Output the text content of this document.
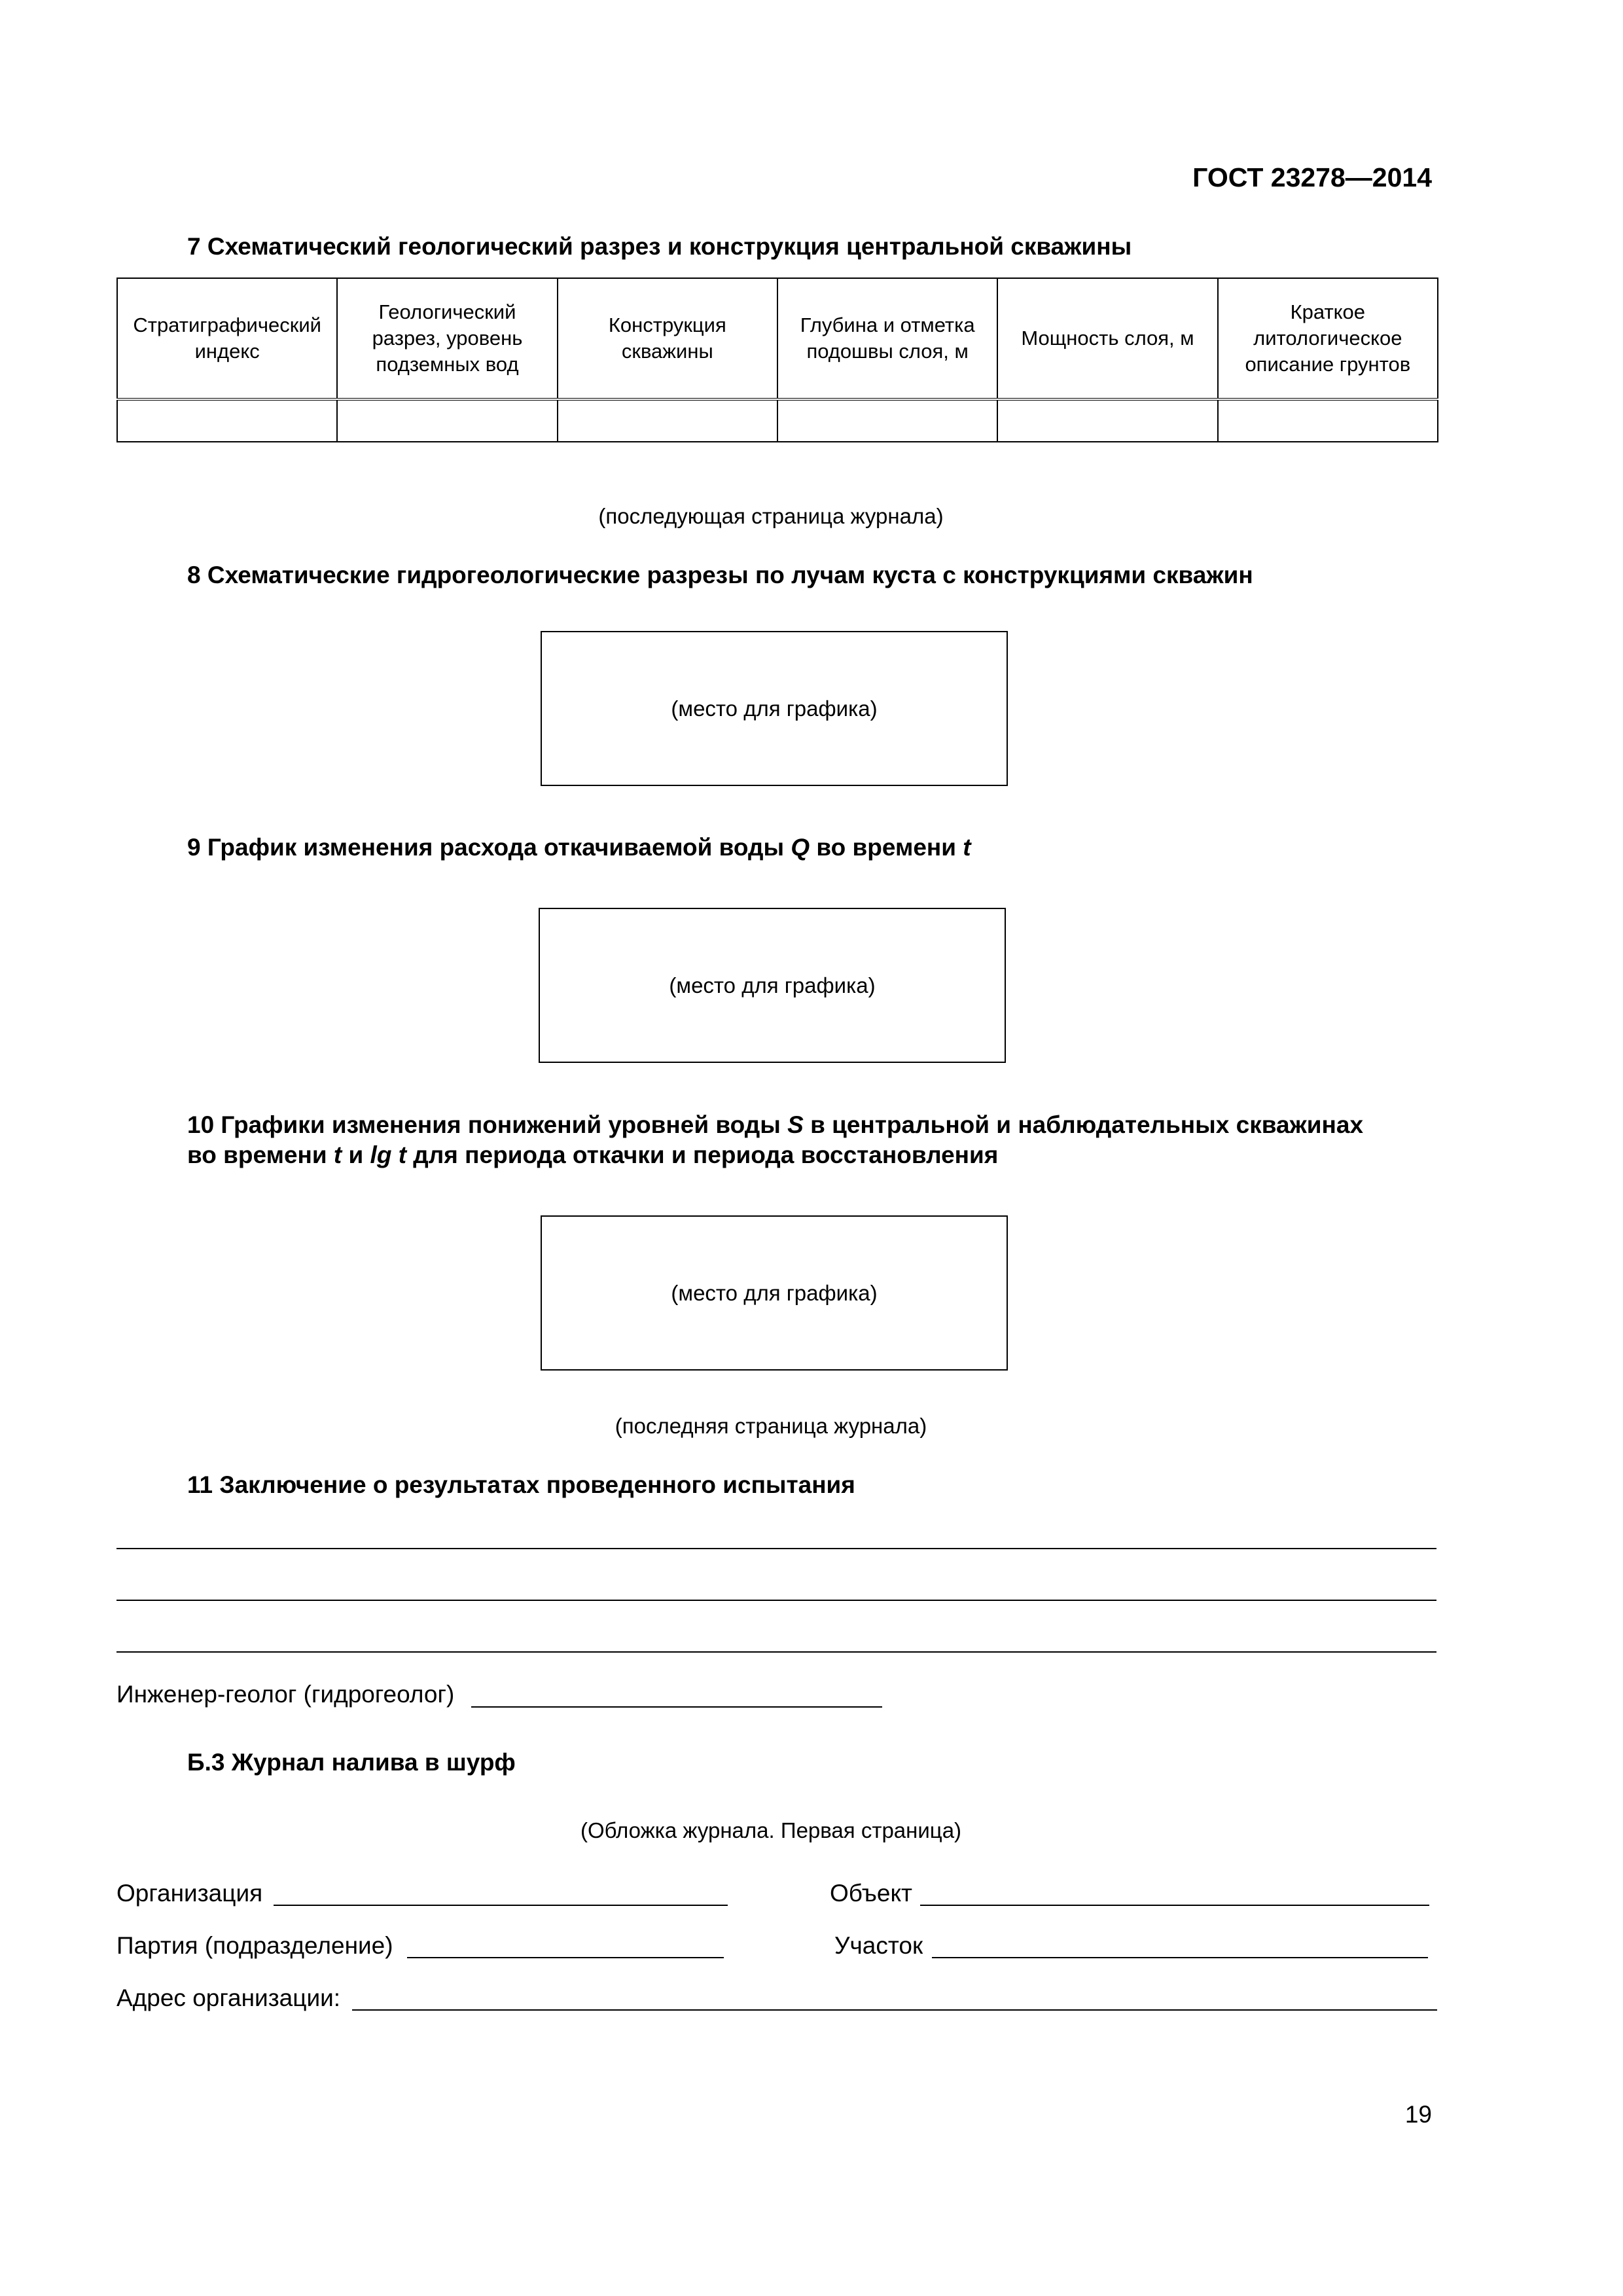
ГОСТ 23278—2014
7 Схематический геологический разрез и конструкция центральной скважины
Стратиграфический индекс	Геологический разрез, уровень подземных вод	Конструкция скважины	Глубина и отметка подошвы слоя, м	Мощность слоя, м	Краткое литологическое описание грунтов

(последующая страница журнала)
8 Схематические гидрогеологические разрезы по лучам куста с конструкциями скважин
(место для графика)
9 График изменения расхода откачиваемой воды Q во времени t
(место для графика)
10 Графики изменения понижений уровней воды S в центральной и наблюдательных скважинах
во времени t и lg t для периода откачки и периода восстановления
(место для графика)
(последняя страница журнала)
11 Заключение о результатах проведенного испытания
Инженер-геолог (гидрогеолог)
Б.3 Журнал налива в шурф
(Обложка журнала. Первая страница)
Организация	Объект
Партия (подразделение)	Участок
Адрес организации:
19
